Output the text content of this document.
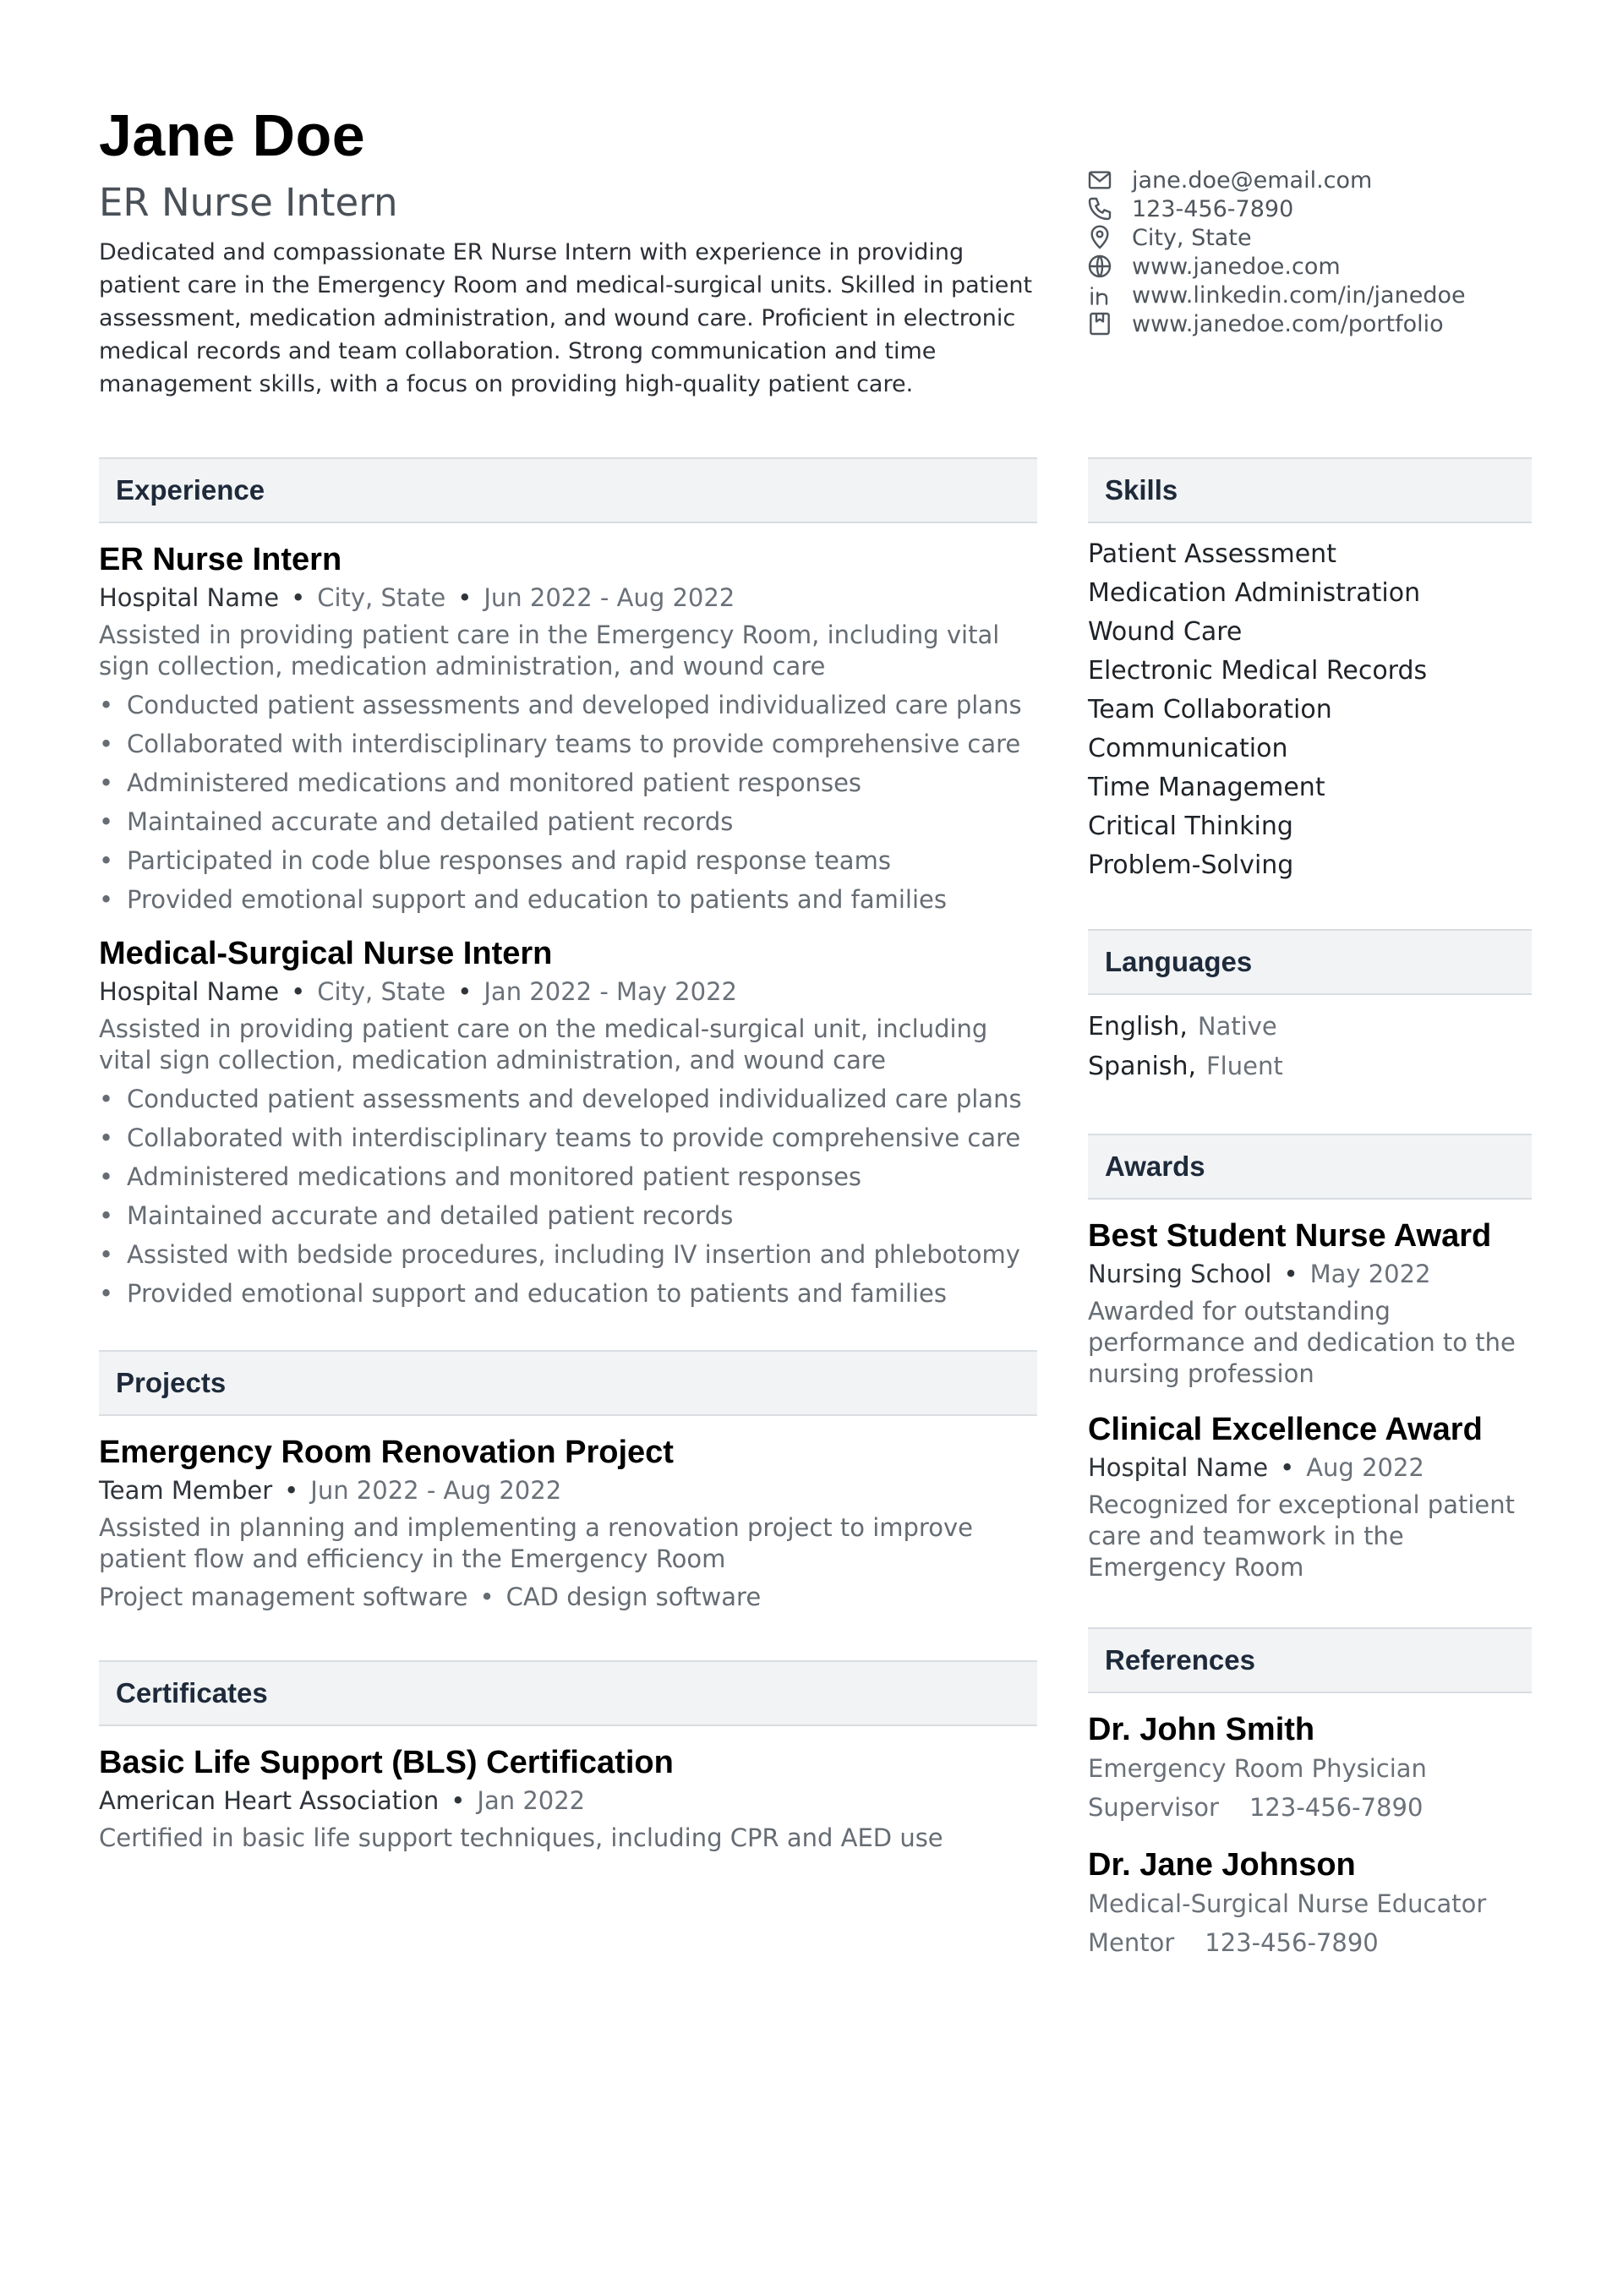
Jane Doe
ER Nurse Intern
Dedicated and compassionate ER Nurse Intern with experience in providing patient care in the Emergency Room and medical-surgical units. Skilled in patient assessment, medication administration, and wound care. Proficient in electronic medical records and team collaboration. Strong communication and time management skills, with a focus on providing high-quality patient care.
jane.doe@email.com
123-456-7890
City, State
www.janedoe.com
www.linkedin.com/in/janedoe
www.janedoe.com/portfolio
Experience
ER Nurse Intern
Hospital Name • City, State • Jun 2022 - Aug 2022
Assisted in providing patient care in the Emergency Room, including vital sign collection, medication administration, and wound care
• Conducted patient assessments and developed individualized care plans
• Collaborated with interdisciplinary teams to provide comprehensive care
• Administered medications and monitored patient responses
• Maintained accurate and detailed patient records
• Participated in code blue responses and rapid response teams
• Provided emotional support and education to patients and families
Medical-Surgical Nurse Intern
Hospital Name • City, State • Jan 2022 - May 2022
Assisted in providing patient care on the medical-surgical unit, including vital sign collection, medication administration, and wound care
• Conducted patient assessments and developed individualized care plans
• Collaborated with interdisciplinary teams to provide comprehensive care
• Administered medications and monitored patient responses
• Maintained accurate and detailed patient records
• Assisted with bedside procedures, including IV insertion and phlebotomy
• Provided emotional support and education to patients and families
Projects
Emergency Room Renovation Project
Team Member • Jun 2022 - Aug 2022
Assisted in planning and implementing a renovation project to improve patient flow and efficiency in the Emergency Room
Project management software • CAD design software
Certificates
Basic Life Support (BLS) Certification
American Heart Association • Jan 2022
Certified in basic life support techniques, including CPR and AED use
Skills
Patient Assessment
Medication Administration
Wound Care
Electronic Medical Records
Team Collaboration
Communication
Time Management
Critical Thinking
Problem-Solving
Languages
English, Native
Spanish, Fluent
Awards
Best Student Nurse Award
Nursing School • May 2022
Awarded for outstanding performance and dedication to the nursing profession
Clinical Excellence Award
Hospital Name • Aug 2022
Recognized for exceptional patient care and teamwork in the Emergency Room
References
Dr. John Smith
Emergency Room Physician
Supervisor 123-456-7890
Dr. Jane Johnson
Medical-Surgical Nurse Educator
Mentor 123-456-7890
